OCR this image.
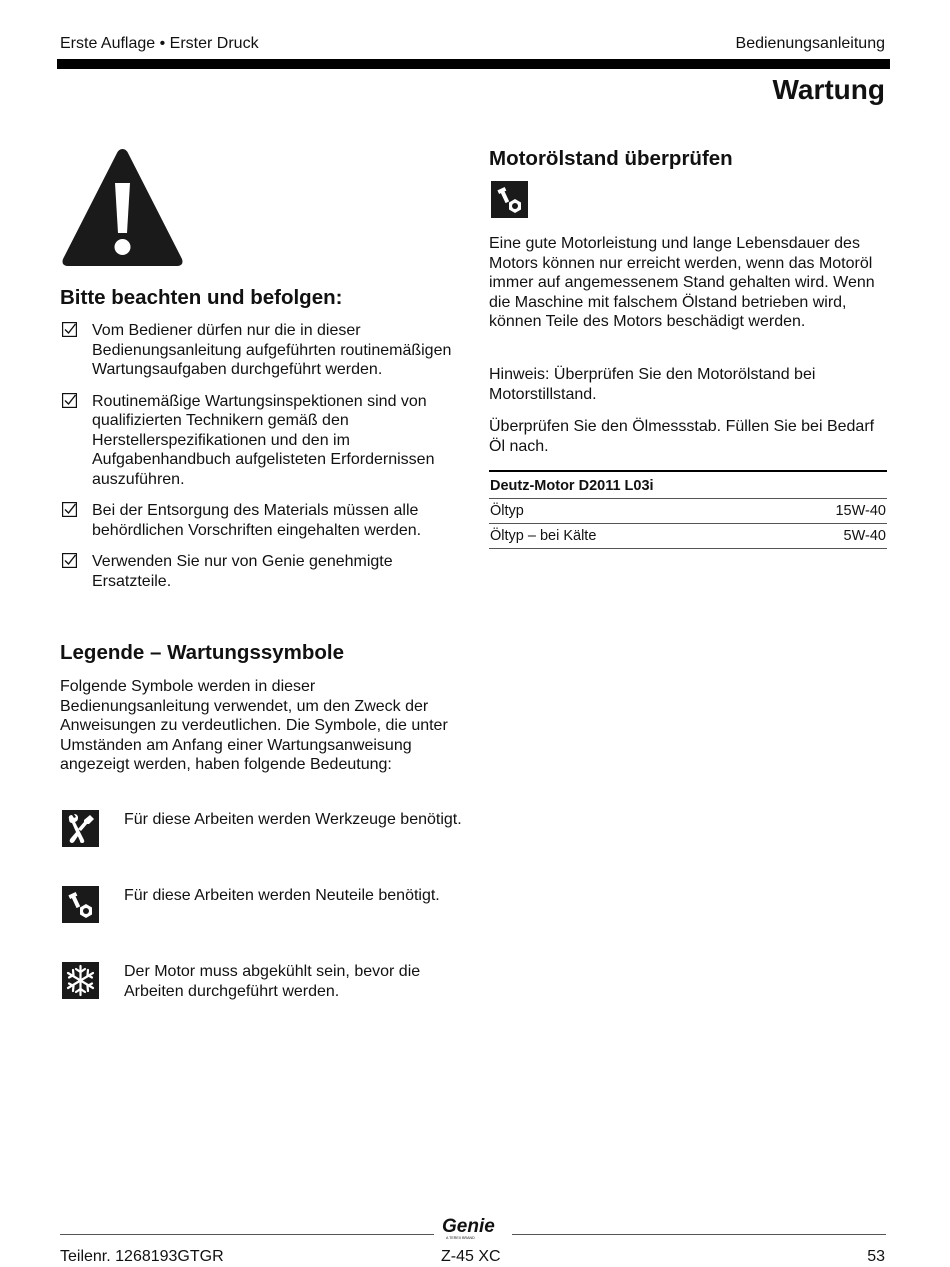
Erste Auflage • Erster Druck	Bedienungsanleitung
Wartung
Bitte beachten und befolgen:
Vom Bediener dürfen nur die in dieser Bedienungsanleitung aufgeführten routinemäßigen Wartungsaufgaben durchgeführt werden.
Routinemäßige Wartungsinspektionen sind von qualifizierten Technikern gemäß den Herstellerspezifikationen und den im Aufgabenhandbuch aufgelisteten Erfordernissen auszuführen.
Bei der Entsorgung des Materials müssen alle behördlichen Vorschriften eingehalten werden.
Verwenden Sie nur von Genie genehmigte Ersatzteile.
Legende – Wartungssymbole
Folgende Symbole werden in dieser Bedienungsanleitung verwendet, um den Zweck der Anweisungen zu verdeutlichen. Die Symbole, die unter Umständen am Anfang einer Wartungsanweisung angezeigt werden, haben folgende Bedeutung:
Für diese Arbeiten werden Werkzeuge benötigt.
Für diese Arbeiten werden Neuteile benötigt.
Der Motor muss abgekühlt sein, bevor die Arbeiten durchgeführt werden.
Motorölstand überprüfen
Eine gute Motorleistung und lange Lebensdauer des Motors können nur erreicht werden, wenn das Motoröl immer auf angemessenem Stand gehalten wird. Wenn die Maschine mit falschem Ölstand betrieben wird, können Teile des Motors beschädigt werden.
Hinweis: Überprüfen Sie den Motorölstand bei Motorstillstand.
Überprüfen Sie den Ölmessstab. Füllen Sie bei Bedarf Öl nach.
Deutz-Motor D2011 L03i	
Öltyp	15W-40
Öltyp – bei Kälte	5W-40
Genie
A TEREX BRAND
Teilenr. 1268193GTGR	Z-45 XC	53
